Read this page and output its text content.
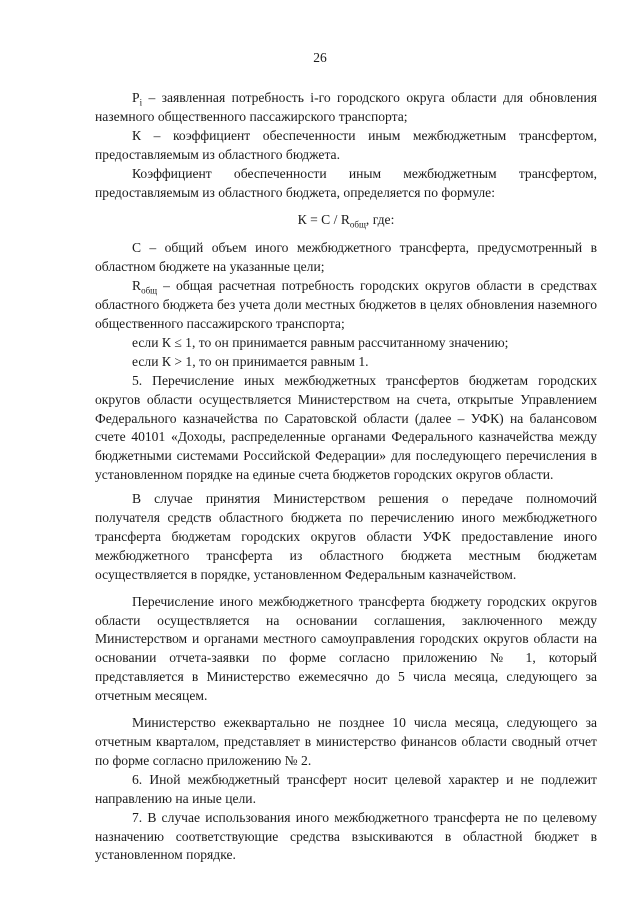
26

$P_i$ – заявленная потребность i-го городского округа области для обновления наземного общественного пассажирского транспорта;

К – коэффициент обеспеченности иным межбюджетным трансфертом, предоставляемым из областного бюджета.

Коэффициент обеспеченности иным межбюджетным трансфертом, предоставляемым из областного бюджета, определяется по формуле:

$К = С / R_{общ}$, где:

С – общий объем иного межбюджетного трансферта, предусмотренный в областном бюджете на указанные цели;

$R_{общ}$ – общая расчетная потребность городских округов области в средствах областного бюджета без учета доли местных бюджетов в целях обновления наземного общественного пассажирского транспорта;

если К ≤ 1, то он принимается равным рассчитанному значению;

если К > 1, то он принимается равным 1.

5. Перечисление иных межбюджетных трансфертов бюджетам городских округов области осуществляется Министерством на счета, открытые Управлением Федерального казначейства по Саратовской области (далее – УФК) на балансовом счете 40101 «Доходы, распределенные органами Федерального казначейства между бюджетными системами Российской Федерации» для последующего перечисления в установленном порядке на единые счета бюджетов городских округов области.

В случае принятия Министерством решения о передаче полномочий получателя средств областного бюджета по перечислению иного межбюджетного трансферта бюджетам городских округов области УФК предоставление иного межбюджетного трансферта из областного бюджета местным бюджетам осуществляется в порядке, установленном Федеральным казначейством.

Перечисление иного межбюджетного трансферта бюджету городских округов области осуществляется на основании соглашения, заключенного между Министерством и органами местного самоуправления городских округов области на основании отчета-заявки по форме согласно приложению № 1, который представляется в Министерство ежемесячно до 5 числа месяца, следующего за отчетным месяцем.

Министерство ежеквартально не позднее 10 числа месяца, следующего за отчетным кварталом, представляет в министерство финансов области сводный отчет по форме согласно приложению № 2.

6. Иной межбюджетный трансферт носит целевой характер и не подлежит направлению на иные цели.

7. В случае использования иного межбюджетного трансферта не по целевому назначению соответствующие средства взыскиваются в областной бюджет в установленном порядке.
